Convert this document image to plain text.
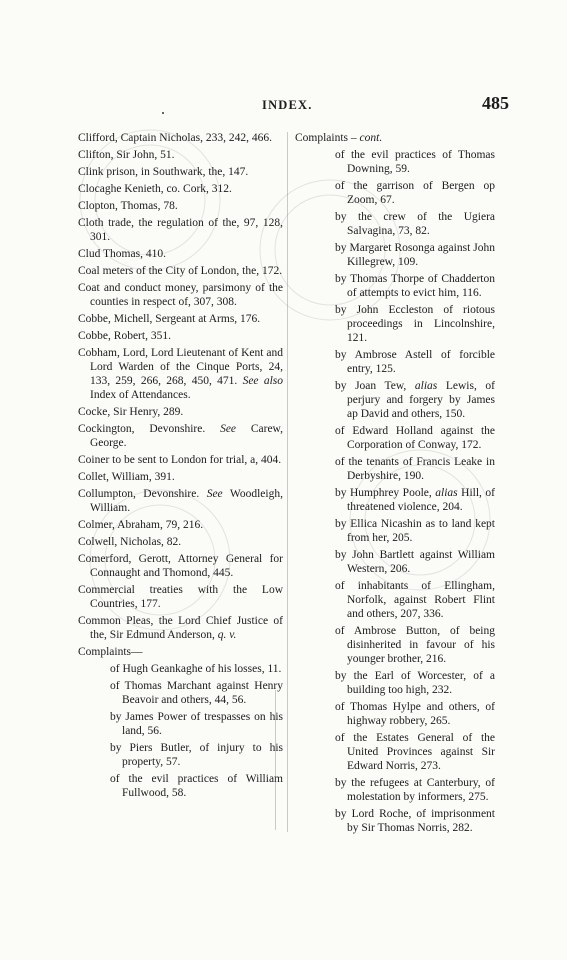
INDEX.	485
Clifford, Captain Nicholas, 233, 242, 466.
Clifton, Sir John, 51.
Clink prison, in Southwark, the, 147.
Clocaghe Kenieth, co. Cork, 312.
Clopton, Thomas, 78.
Cloth trade, the regulation of the, 97, 128, 301.
Clud Thomas, 410.
Coal meters of the City of London, the, 172.
Coat and conduct money, parsimony of the counties in respect of, 307, 308.
Cobbe, Michell, Sergeant at Arms, 176.
Cobbe, Robert, 351.
Cobham, Lord, Lord Lieutenant of Kent and Lord Warden of the Cinque Ports, 24, 133, 259, 266, 268, 450, 471. See also Index of Attendances.
Cocke, Sir Henry, 289.
Cockington, Devonshire. See Carew, George.
Coiner to be sent to London for trial, a, 404.
Collet, William, 391.
Collumpton, Devonshire. See Woodleigh, William.
Colmer, Abraham, 79, 216.
Colwell, Nicholas, 82.
Comerford, Gerott, Attorney General for Connaught and Thomond, 445.
Commercial treaties with the Low Countries, 177.
Common Pleas, the Lord Chief Justice of the, Sir Edmund Anderson, q. v.
Complaints—
of Hugh Geankaghe of his losses, 11.
of Thomas Marchant against Henry Beavoir and others, 44, 56.
by James Power of trespasses on his land, 56.
by Piers Butler, of injury to his property, 57.
of the evil practices of William Fullwood, 58.
Complaints – cont.
of the evil practices of Thomas Downing, 59.
of the garrison of Bergen op Zoom, 67.
by the crew of the Ugiera Salvagina, 73, 82.
by Margaret Rosonga against John Killegrew, 109.
by Thomas Thorpe of Chadderton of attempts to evict him, 116.
by John Eccleston of riotous proceedings in Lincolnshire, 121.
by Ambrose Astell of forcible entry, 125.
by Joan Tew, alias Lewis, of perjury and forgery by James ap David and others, 150.
of Edward Holland against the Corporation of Conway, 172.
of the tenants of Francis Leake in Derbyshire, 190.
by Humphrey Poole, alias Hill, of threatened violence, 204.
by Ellica Nicashin as to land kept from her, 205.
by John Bartlett against William Western, 206.
of inhabitants of Ellingham, Norfolk, against Robert Flint and others, 207, 336.
of Ambrose Button, of being disinherited in favour of his younger brother, 216.
by the Earl of Worcester, of a building too high, 232.
of Thomas Hylpe and others, of highway robbery, 265.
of the Estates General of the United Provinces against Sir Edward Norris, 273.
by the refugees at Canterbury, of molestation by informers, 275.
by Lord Roche, of imprisonment by Sir Thomas Norris, 282.
